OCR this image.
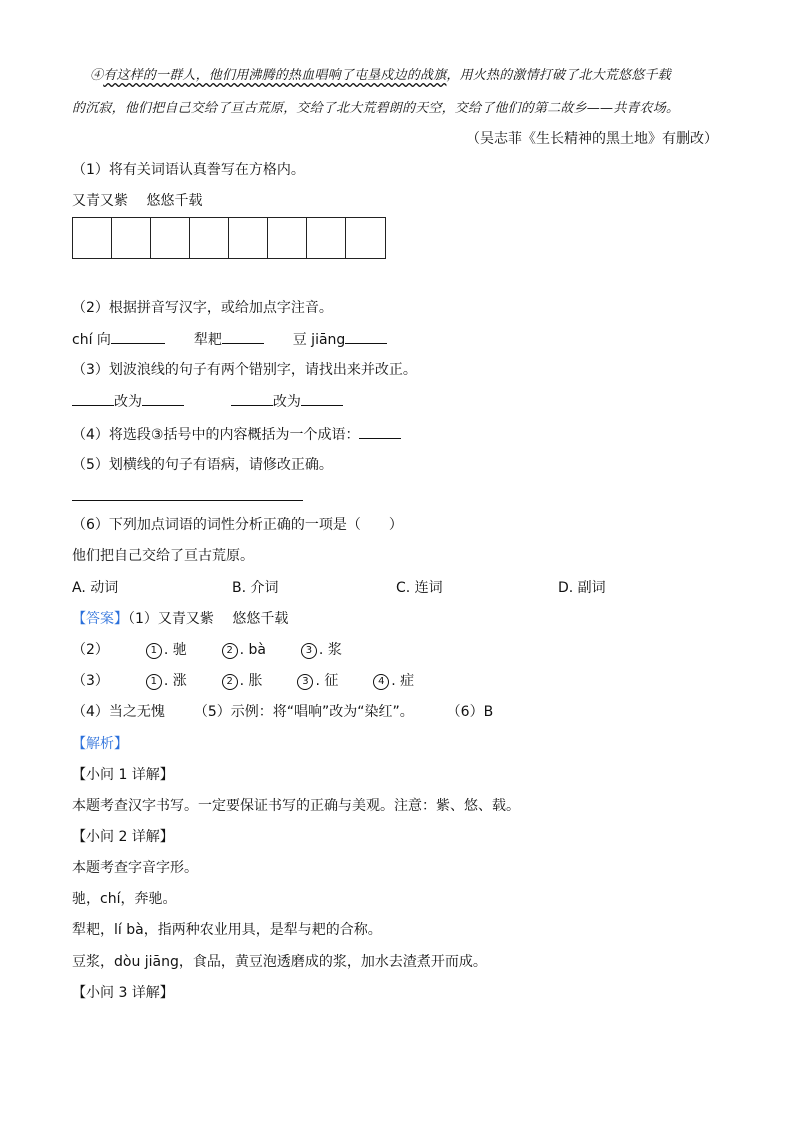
④有这样的一群人，他们用沸腾的热血唱响了屯垦戍边的战旗，用火热的激情打破了北大荒悠悠千载
的沉寂，他们把自己交给了亘古荒原，交给了北大荒碧朗的天空，交给了他们的第二故乡——共青农场。
（吴志菲《生长精神的黑土地》有删改）
（1）将有关词语认真誊写在方格内。
又青又紫　 悠悠千载
（2）根据拼音写汉字，或给加点字注音。
chí 向	犁耙	豆 jiāng
（3）划波浪线的句子有两个错别字，请找出来并改正。
改为	改为
（4）将选段③括号中的内容概括为一个成语：
（5）划横线的句子有语病，请修改正确。
（6）下列加点词语的词性分析正确的一项是（　　）
他们把自己交给了亘古荒原。
A. 动词	B. 介词	C. 连词	D. 副词
【答案】（1）又青又紫　 悠悠千载
（2）	1 . 驰	2 . bà	3 . 浆
（3）	1 . 涨	2 . 胀	3 . 征	4 . 症
（4）当之无愧 （5）示例：将“唱响”改为“染红”。 （6）B
【解析】
【小问 1 详解】
本题考查汉字书写。一定要保证书写的正确与美观。注意：紫、悠、载。
【小问 2 详解】
本题考查字音字形。
驰，chí，奔驰。
犁耙，lí bà，指两种农业用具，是犁与耙的合称。
豆浆，dòu jiāng，食品，黄豆泡透磨成的浆，加水去渣煮开而成。
【小问 3 详解】
